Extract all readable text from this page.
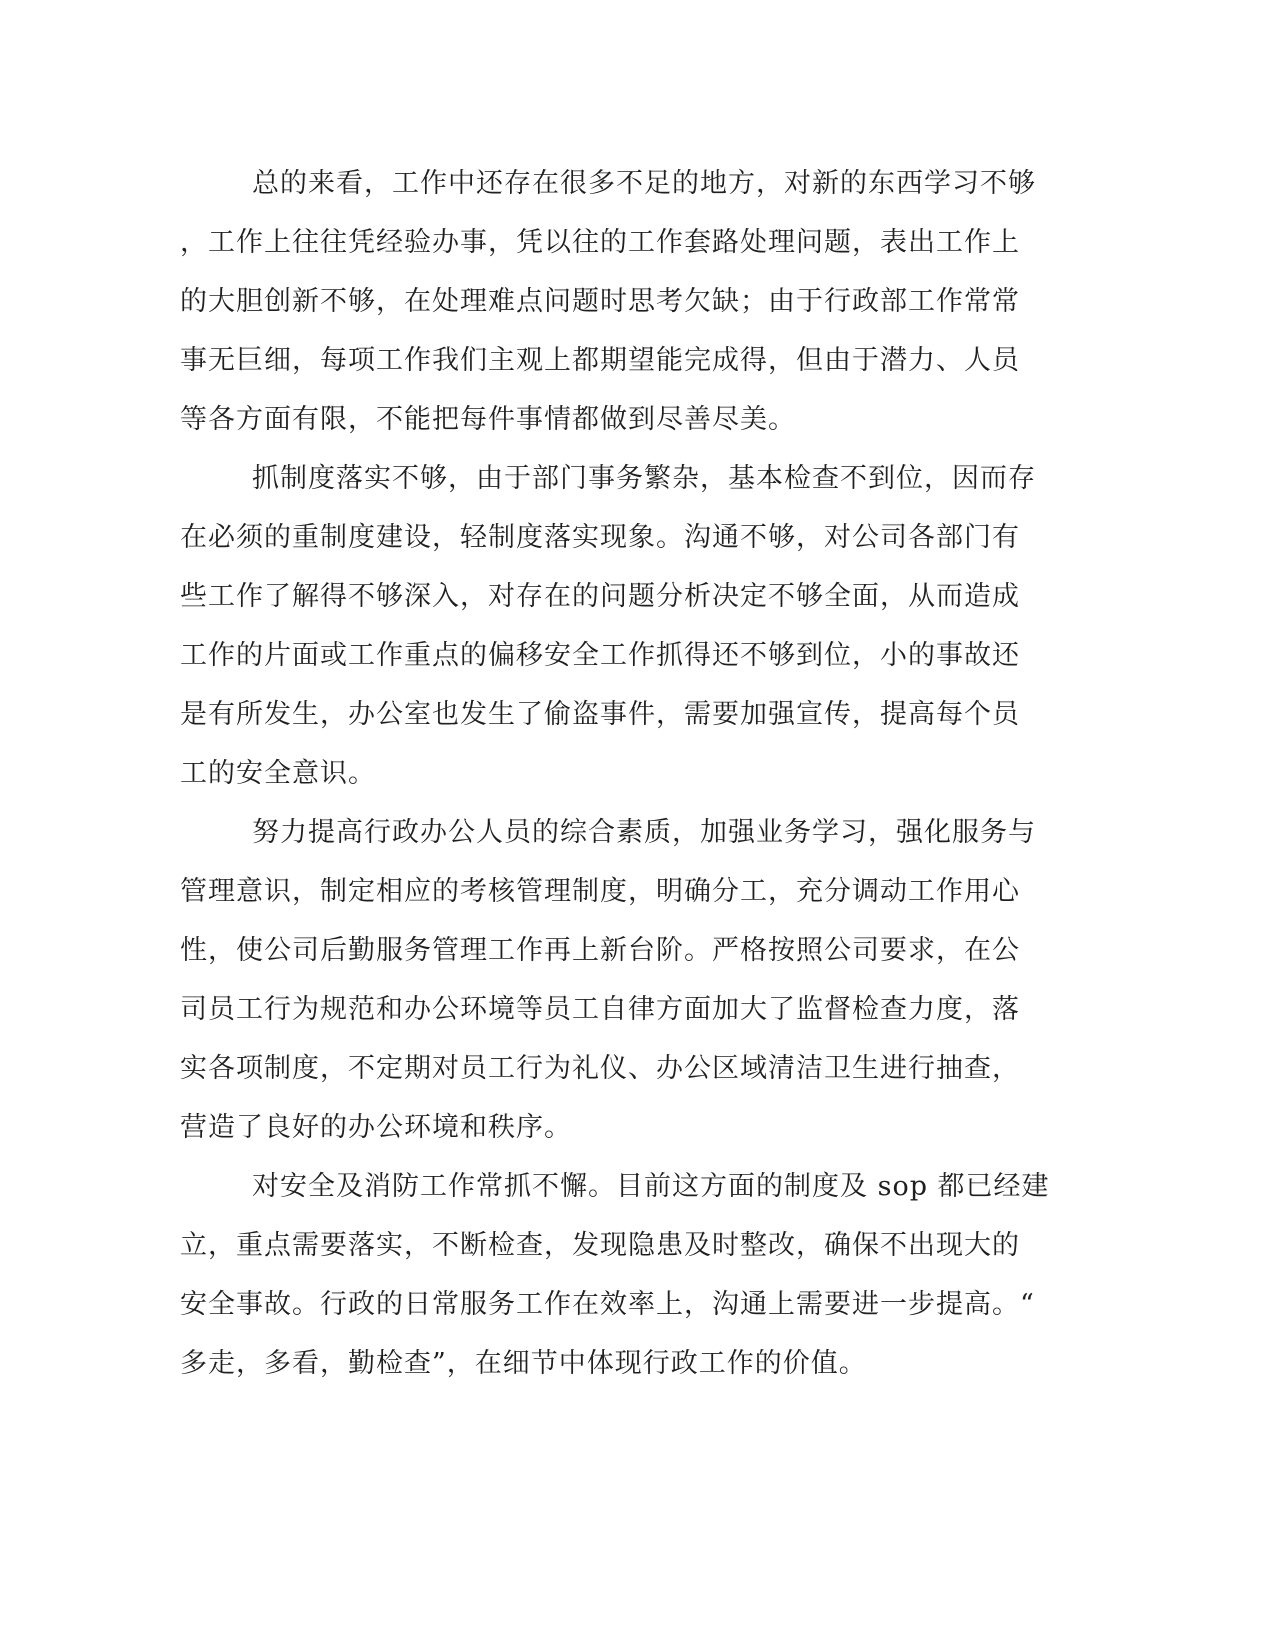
总的来看，工作中还存在很多不足的地方，对新的东西学习不够
，工作上往往凭经验办事，凭以往的工作套路处理问题，表出工作上
的大胆创新不够，在处理难点问题时思考欠缺；由于行政部工作常常
事无巨细，每项工作我们主观上都期望能完成得，但由于潜力、人员
等各方面有限，不能把每件事情都做到尽善尽美。
抓制度落实不够，由于部门事务繁杂，基本检查不到位，因而存
在必须的重制度建设，轻制度落实现象。沟通不够，对公司各部门有
些工作了解得不够深入，对存在的问题分析决定不够全面，从而造成
工作的片面或工作重点的偏移安全工作抓得还不够到位，小的事故还
是有所发生，办公室也发生了偷盗事件，需要加强宣传，提高每个员
工的安全意识。
努力提高行政办公人员的综合素质，加强业务学习，强化服务与
管理意识，制定相应的考核管理制度，明确分工，充分调动工作用心
性，使公司后勤服务管理工作再上新台阶。严格按照公司要求，在公
司员工行为规范和办公环境等员工自律方面加大了监督检查力度，落
实各项制度，不定期对员工行为礼仪、办公区域清洁卫生进行抽查，
营造了良好的办公环境和秩序。
对安全及消防工作常抓不懈。目前这方面的制度及 sop 都已经建
立，重点需要落实，不断检查，发现隐患及时整改，确保不出现大的
安全事故。行政的日常服务工作在效率上，沟通上需要进一步提高。“
多走，多看，勤检查”，在细节中体现行政工作的价值。
